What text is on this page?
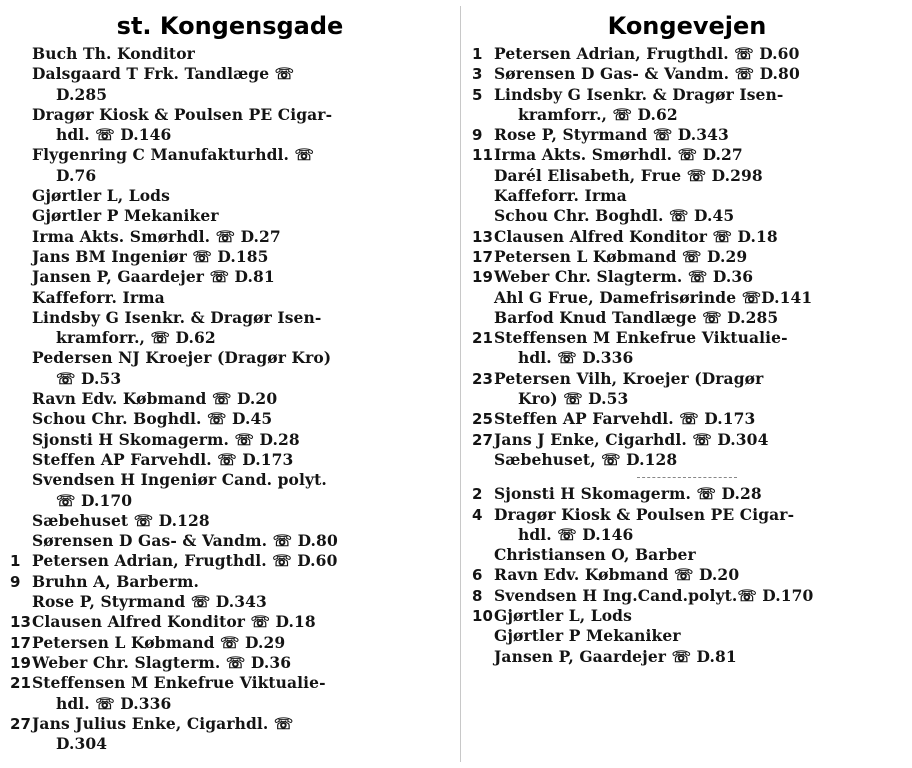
st. Kongensgade
Buch Th. Konditor
Dalsgaard T Frk. Tandlæge ☏
D.285
Dragør Kiosk & Poulsen PE Cigar-
hdl. ☏ D.146
Flygenring C Manufakturhdl. ☏
D.76
Gjørtler L, Lods
Gjørtler P Mekaniker
Irma Akts. Smørhdl. ☏ D.27
Jans BM Ingeniør ☏ D.185
Jansen P, Gaardejer ☏ D.81
Kaffeforr. Irma
Lindsby G Isenkr. & Dragør Isen-
kramforr., ☏ D.62
Pedersen NJ Kroejer (Dragør Kro)
☏ D.53
Ravn Edv. Købmand ☏ D.20
Schou Chr. Boghdl. ☏ D.45
Sjonsti H Skomagerm. ☏ D.28
Steffen AP Farvehdl. ☏ D.173
Svendsen H Ingeniør Cand. polyt.
☏ D.170
Sæbehuset ☏ D.128
Sørensen D Gas- & Vandm. ☏ D.80
1 Petersen Adrian, Frugthdl. ☏ D.60
9 Bruhn A, Barberm.
Rose P, Styrmand ☏ D.343
13 Clausen Alfred Konditor ☏ D.18
17 Petersen L Købmand ☏ D.29
19 Weber Chr. Slagterm. ☏ D.36
21 Steffensen M Enkefrue Viktualie-
hdl. ☏ D.336
27 Jans Julius Enke, Cigarhdl. ☏
D.304
Kongevejen
1 Petersen Adrian, Frugthdl. ☏ D.60
3 Sørensen D Gas- & Vandm. ☏ D.80
5 Lindsby G Isenkr. & Dragør Isen-
kramforr., ☏ D.62
9 Rose P, Styrmand ☏ D.343
11 Irma Akts. Smørhdl. ☏ D.27
Darél Elisabeth, Frue ☏ D.298
Kaffeforr. Irma
Schou Chr. Boghdl. ☏ D.45
13 Clausen Alfred Konditor ☏ D.18
17 Petersen L Købmand ☏ D.29
19 Weber Chr. Slagterm. ☏ D.36
Ahl G Frue, Damefrisørinde ☏D.141
Barfod Knud Tandlæge ☏ D.285
21 Steffensen M Enkefrue Viktualie-
hdl. ☏ D.336
23 Petersen Vilh, Kroejer (Dragør
Kro) ☏ D.53
25 Steffen AP Farvehdl. ☏ D.173
27 Jans J Enke, Cigarhdl. ☏ D.304
Sæbehuset, ☏ D.128
2 Sjonsti H Skomagerm. ☏ D.28
4 Dragør Kiosk & Poulsen PE Cigar-
hdl. ☏ D.146
Christiansen O, Barber
6 Ravn Edv. Købmand ☏ D.20
8 Svendsen H Ing.Cand.polyt.☏ D.170
10 Gjørtler L, Lods
Gjørtler P Mekaniker
Jansen P, Gaardejer ☏ D.81
